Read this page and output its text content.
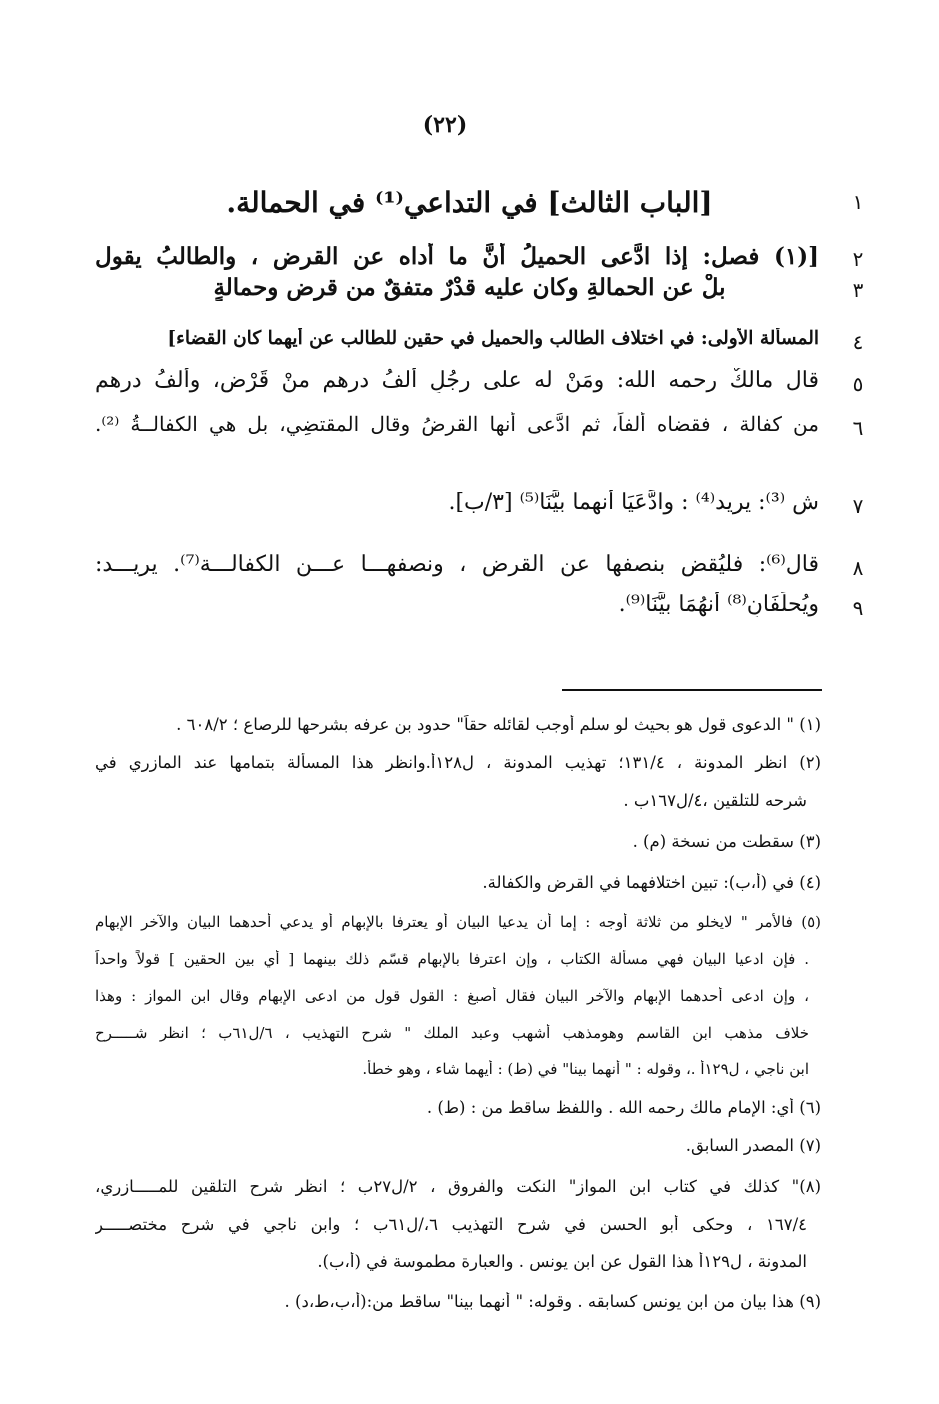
(٢٢)
١
[الباب الثالث] في التداعي⁽¹⁾ في الحمالة.
٢
[(١) فصل: إذا ادَّعى الحميلُ أنَّ ما أداه عن القرض ، والطالبُ يقول
٣
بلْ عن الحمالةِ وكان عليه قدْرٌ متفقٌ من قرضٍ وحمالةٍ
٤
المسألة الأولى: في اختلاف الطالب والحميل في حقين للطالب عن أيهما كان القضاء]
٥
قال مالكٌ رحمه الله: ومَنْ له على رجُلٍ ألفُ درهمٍ منْ قَرْضٍ، وألفُ درهمٍ
٦
من كفالة ، فقضاه ألفاً، ثم ادَّعى أنها القرضُ وقال المقتضِي، بل هي الكفالــةُ ⁽²⁾.
٧
ش ⁽³⁾: يريد⁽⁴⁾ : وادَّعَيَا أنهما بيَّنَا⁽⁵⁾ [٣/ب].
٨
قال⁽⁶⁾: فليُقض بنصفها عن القرضِ ، ونصفهـــا عـــن الكفالـــة⁽⁷⁾. يريـــد:
٩
ويُحلِّفَانِ⁽⁸⁾ أنهُمَا بيَّنَا⁽⁹⁾.
(١) " الدعوى قول هو بحيث لو سلم أوجب لقائله حقاً" حدود بن عرفه بشرحها للرصاع ؛ ٦٠٨/٢ .
(٢) انظر المدونة ، ١٣١/٤؛ تهذيب المدونة ، ل١٢٨أ.وانظر هذا المسألة بتمامها عند المازري في
شرحه للتلقين ،٤/ل١٦٧ب .
(٣) سقطت من نسخة (م) .
(٤) في (أ،ب): تبين اختلافهما في القرض والكفالة.
(٥) فالأمر " لايخلو من ثلاثة أوجه : إما أن يدعيا البيان أو يعترفا بالإبهام أو يدعي أحدهما البيان والآخر الإبهام
. فإن ادعيا البيان فهي مسألة الكتاب ، وإن اعترفا بالإبهام قسّم ذلك بينهما [ أي بين الحقين ] قولاً واحداً
، وإن ادعى أحدهما الإبهام والآخر البيان فقال أصبغ : القول قول من ادعى الإبهام وقال ابن المواز : وهذا
خلاف مذهب ابن القاسم وهومذهب أشهب وعبد الملك " شرح التهذيب ، ٦/ل٦١ب ؛ انظر شـــــرح
ابن ناجي ، ل١٢٩أ .، وقوله : " أنهما بينا" في (ط) : أيهما شاء ، وهو خطأ.
(٦) أي: الإمام مالك رحمه الله . واللفظ ساقط من : (ط) .
(٧) المصدر السابق.
(٨)" كذلك في كتاب ابن المواز" النكت والفروق ، ٢/ل٢٧ب ؛ انظر شرح التلقين للمـــــازري،
١٦٧/٤ ، وحكى أبو الحسن في شرح التهذيب ٦،/ل٦١ب ؛ وابن ناجي في شرح مختصـــــر
المدونة ، ل١٢٩أ هذا القول عن ابن يونس . والعبارة مطموسة في (أ،ب).
(٩) هذا بيان من ابن يونس كسابقه . وقوله: " أنهما بينا" ساقط من:(أ،ب،ط،د) .
